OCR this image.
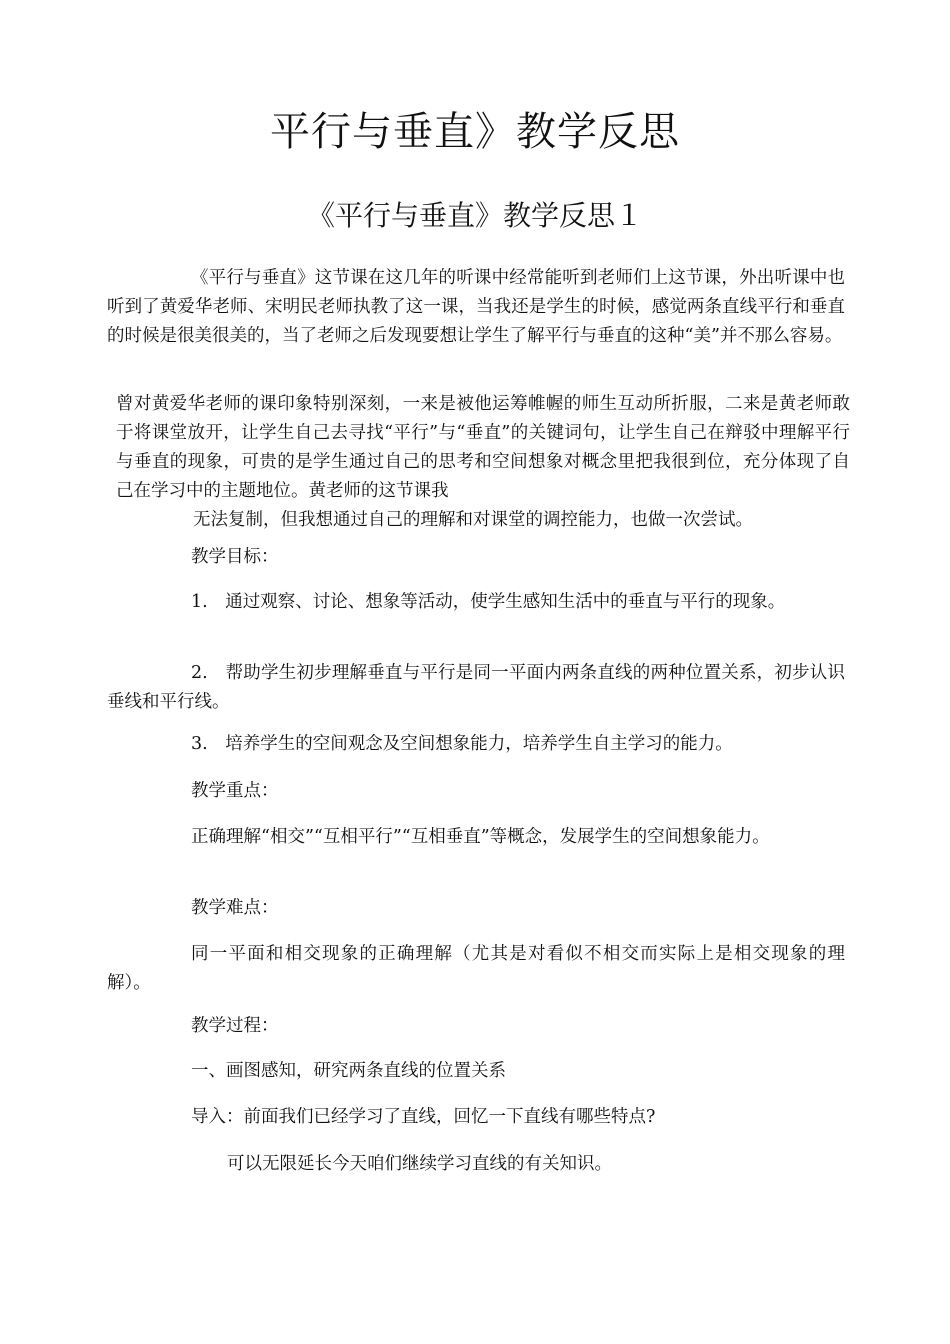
平行与垂直》教学反思
《平行与垂直》教学反思１

《平行与垂直》这节课在这几年的听课中经常能听到老师们上这节课，外出听课中也听到了黄爱华老师、宋明民老师执教了这一课，当我还是学生的时候，感觉两条直线平行和垂直的时候是很美很美的，当了老师之后发现要想让学生了解平行与垂直的这种“美”并不那么容易。

曾对黄爱华老师的课印象特别深刻，一来是被他运筹帷幄的师生互动所折服，二来是黄老师敢于将课堂放开，让学生自己去寻找“平行”与“垂直”的关键词句，让学生自己在辩驳中理解平行与垂直的现象，可贵的是学生通过自己的思考和空间想象对概念里把我很到位，充分体现了自己在学习中的主题地位。黄老师的这节课我
无法复制，但我想通过自己的理解和对课堂的调控能力，也做一次尝试。

教学目标：

1.　通过观察、讨论、想象等活动，使学生感知生活中的垂直与平行的现象。

2.　帮助学生初步理解垂直与平行是同一平面内两条直线的两种位置关系，初步认识垂线和平行线。

3.　培养学生的空间观念及空间想象能力，培养学生自主学习的能力。
教学重点：

正确理解“相交”“互相平行”“互相垂直”等概念，发展学生的空间想象能力。

教学难点：

同一平面和相交现象的正确理解（尤其是对看似不相交而实际上是相交现象的理解）。

教学过程：
一、画图感知，研究两条直线的位置关系
导入：前面我们已经学习了直线，回忆一下直线有哪些特点?
可以无限延长今天咱们继续学习直线的有关知识。
